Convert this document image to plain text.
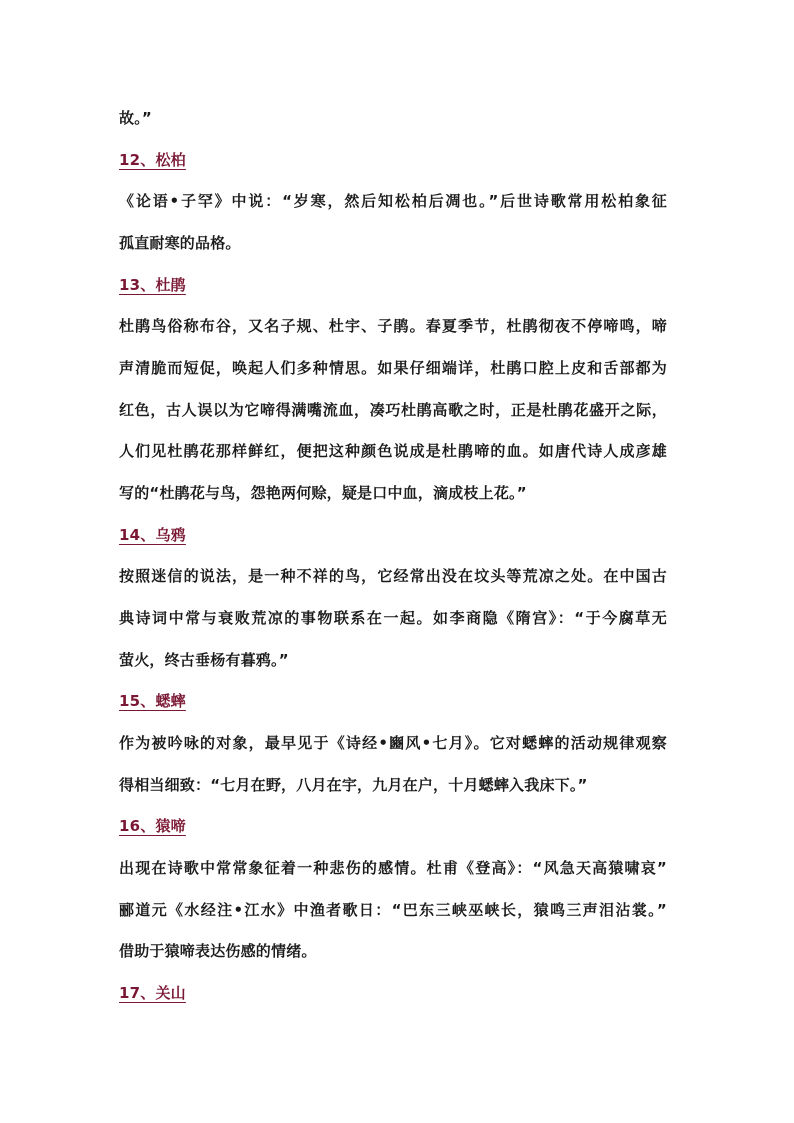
故。”
12、松柏
《论语•子罕》中说：“岁寒，然后知松柏后凋也。”后世诗歌常用松柏象征
孤直耐寒的品格。
13、杜鹃
杜鹃鸟俗称布谷，又名子规、杜宇、子鹃。春夏季节，杜鹃彻夜不停啼鸣，啼
声清脆而短促，唤起人们多种情思。如果仔细端详，杜鹃口腔上皮和舌部都为
红色，古人误以为它啼得满嘴流血，凑巧杜鹃高歌之时，正是杜鹃花盛开之际，
人们见杜鹃花那样鲜红，便把这种颜色说成是杜鹃啼的血。如唐代诗人成彦雄
写的“杜鹃花与鸟，怨艳两何赊，疑是口中血，滴成枝上花。”
14、乌鸦
按照迷信的说法，是一种不祥的鸟，它经常出没在坟头等荒凉之处。在中国古
典诗词中常与衰败荒凉的事物联系在一起。如李商隐《隋宫》：“于今腐草无
萤火，终古垂杨有暮鸦。”
15、蟋蟀
作为被吟咏的对象，最早见于《诗经•豳风•七月》。它对蟋蟀的活动规律观察
得相当细致：“七月在野，八月在宇，九月在户，十月蟋蟀入我床下。”
16、猿啼
出现在诗歌中常常象征着一种悲伤的感情。杜甫《登高》：“风急天高猿啸哀”
郦道元《水经注•江水》中渔者歌日：“巴东三峡巫峡长，猿鸣三声泪沾裳。”
借助于猿啼表达伤感的情绪。
17、关山
